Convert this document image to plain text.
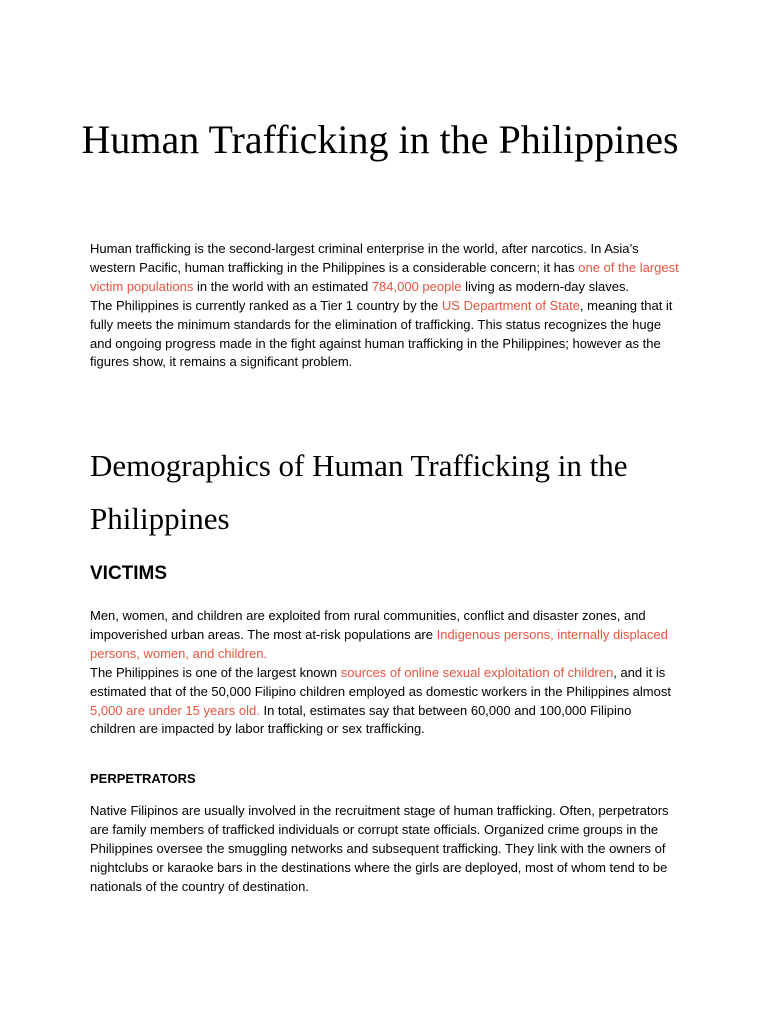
Human Trafficking in the Philippines

Human trafficking is the second-largest criminal enterprise in the world, after narcotics. In Asia’s western Pacific, human trafficking in the Philippines is a considerable concern; it has one of the largest victim populations in the world with an estimated 784,000 people living as modern-day slaves.

The Philippines is currently ranked as a Tier 1 country by the US Department of State, meaning that it fully meets the minimum standards for the elimination of trafficking. This status recognizes the huge and ongoing progress made in the fight against human trafficking in the Philippines; however as the figures show, it remains a significant problem.

Demographics of Human Trafficking in the Philippines
VICTIMS

Men, women, and children are exploited from rural communities, conflict and disaster zones, and impoverished urban areas. The most at-risk populations are Indigenous persons, internally displaced persons, women, and children.

The Philippines is one of the largest known sources of online sexual exploitation of children, and it is estimated that of the 50,000 Filipino children employed as domestic workers in the Philippines almost 5,000 are under 15 years old. In total, estimates say that between 60,000 and 100,000 Filipino children are impacted by labor trafficking or sex trafficking.

PERPETRATORS

Native Filipinos are usually involved in the recruitment stage of human trafficking. Often, perpetrators are family members of trafficked individuals or corrupt state officials. Organized crime groups in the Philippines oversee the smuggling networks and subsequent trafficking. They link with the owners of nightclubs or karaoke bars in the destinations where the girls are deployed, most of whom tend to be nationals of the country of destination.
